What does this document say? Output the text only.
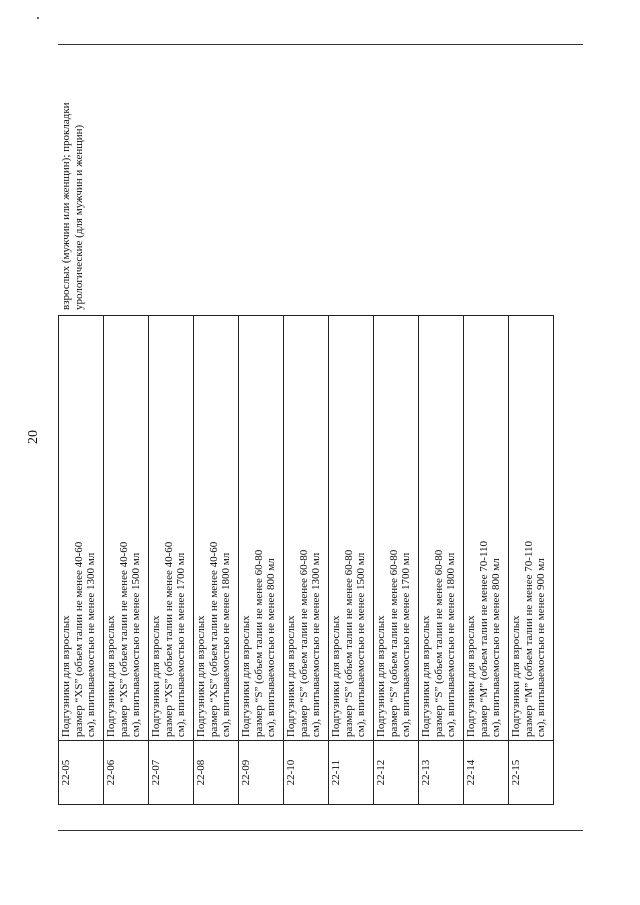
20
22-05	Подгузники для взрослых размер “XS” (объем талии не менее 40-60 см), впитываемостью не менее 1300 мл

22-06	Подгузники для взрослых размер “XS” (объем талии не менее 40-60 см), впитываемостью не менее 1500 мл

22-07	Подгузники для взрослых размер “XS” (объем талии не менее 40-60 см), впитываемостью не менее 1700 мл

22-08	Подгузники для взрослых размер “XS” (объем талии не менее 40-60 см), впитываемостью не менее 1800 мл

22-09	Подгузники для взрослых размер “S” (объем талии не менее 60-80 см), впитываемостью не менее 800 мл

22-10	Подгузники для взрослых размер “S” (объем талии не менее 60-80 см), впитываемостью не менее 1300 мл

22-11	Подгузники для взрослых размер “S” (объем талии не менее 60-80 см), впитываемостью не менее 1500 мл

22-12	Подгузники для взрослых размер “S” (объем талии не менее 60-80 см), впитываемостью не менее 1700 мл

22-13	Подгузники для взрослых размер “S” (объем талии не менее 60-80 см), впитываемостью не менее 1800 мл

22-14	Подгузники для взрослых размер “M” (объем талии не менее 70-110 см), впитываемостью не менее 800 мл

22-15	Подгузники для взрослых размер “M” (объем талии не менее 70-110 см), впитываемостью не менее 900 мл
взрослых (мужчин или женщин); прокладки урологические (для мужчин и женщин)
